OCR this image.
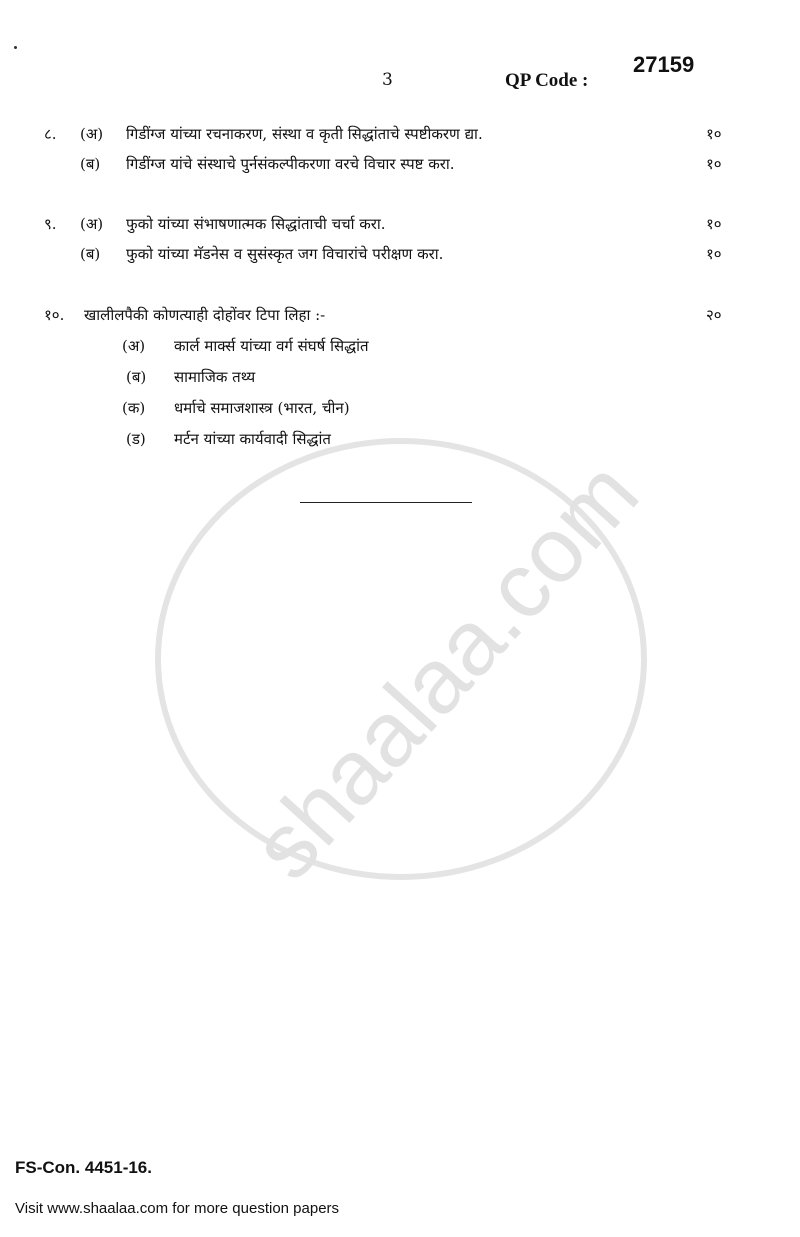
shaalaa.com
3	QP Code :
27159
८. (अ) गिडींग्ज यांच्या रचनाकरण, संस्था व कृती सिद्धांताचे स्पष्टीकरण द्या.	१०
(ब) गिडींग्ज यांचे संस्थाचे पुर्नसंकल्पीकरणा वरचे विचार स्पष्ट करा.	१०
९. (अ) फुको यांच्या संभाषणात्मक सिद्धांताची चर्चा करा.	१०
(ब) फुको यांच्या मॅडनेस व सुसंस्कृत जग विचारांचे परीक्षण करा.	१०
१०. खालीलपैकी कोणत्याही दोहोंवर टिपा लिहा :-	२०
(अ) कार्ल मार्क्स यांच्या वर्ग संघर्ष सिद्धांत
(ब) सामाजिक तथ्य
(क) धर्माचे समाजशास्त्र (भारत, चीन)
(ड) मर्टन यांच्या कार्यवादी सिद्धांत
FS-Con. 4451-16.
Visit www.shaalaa.com for more question papers
